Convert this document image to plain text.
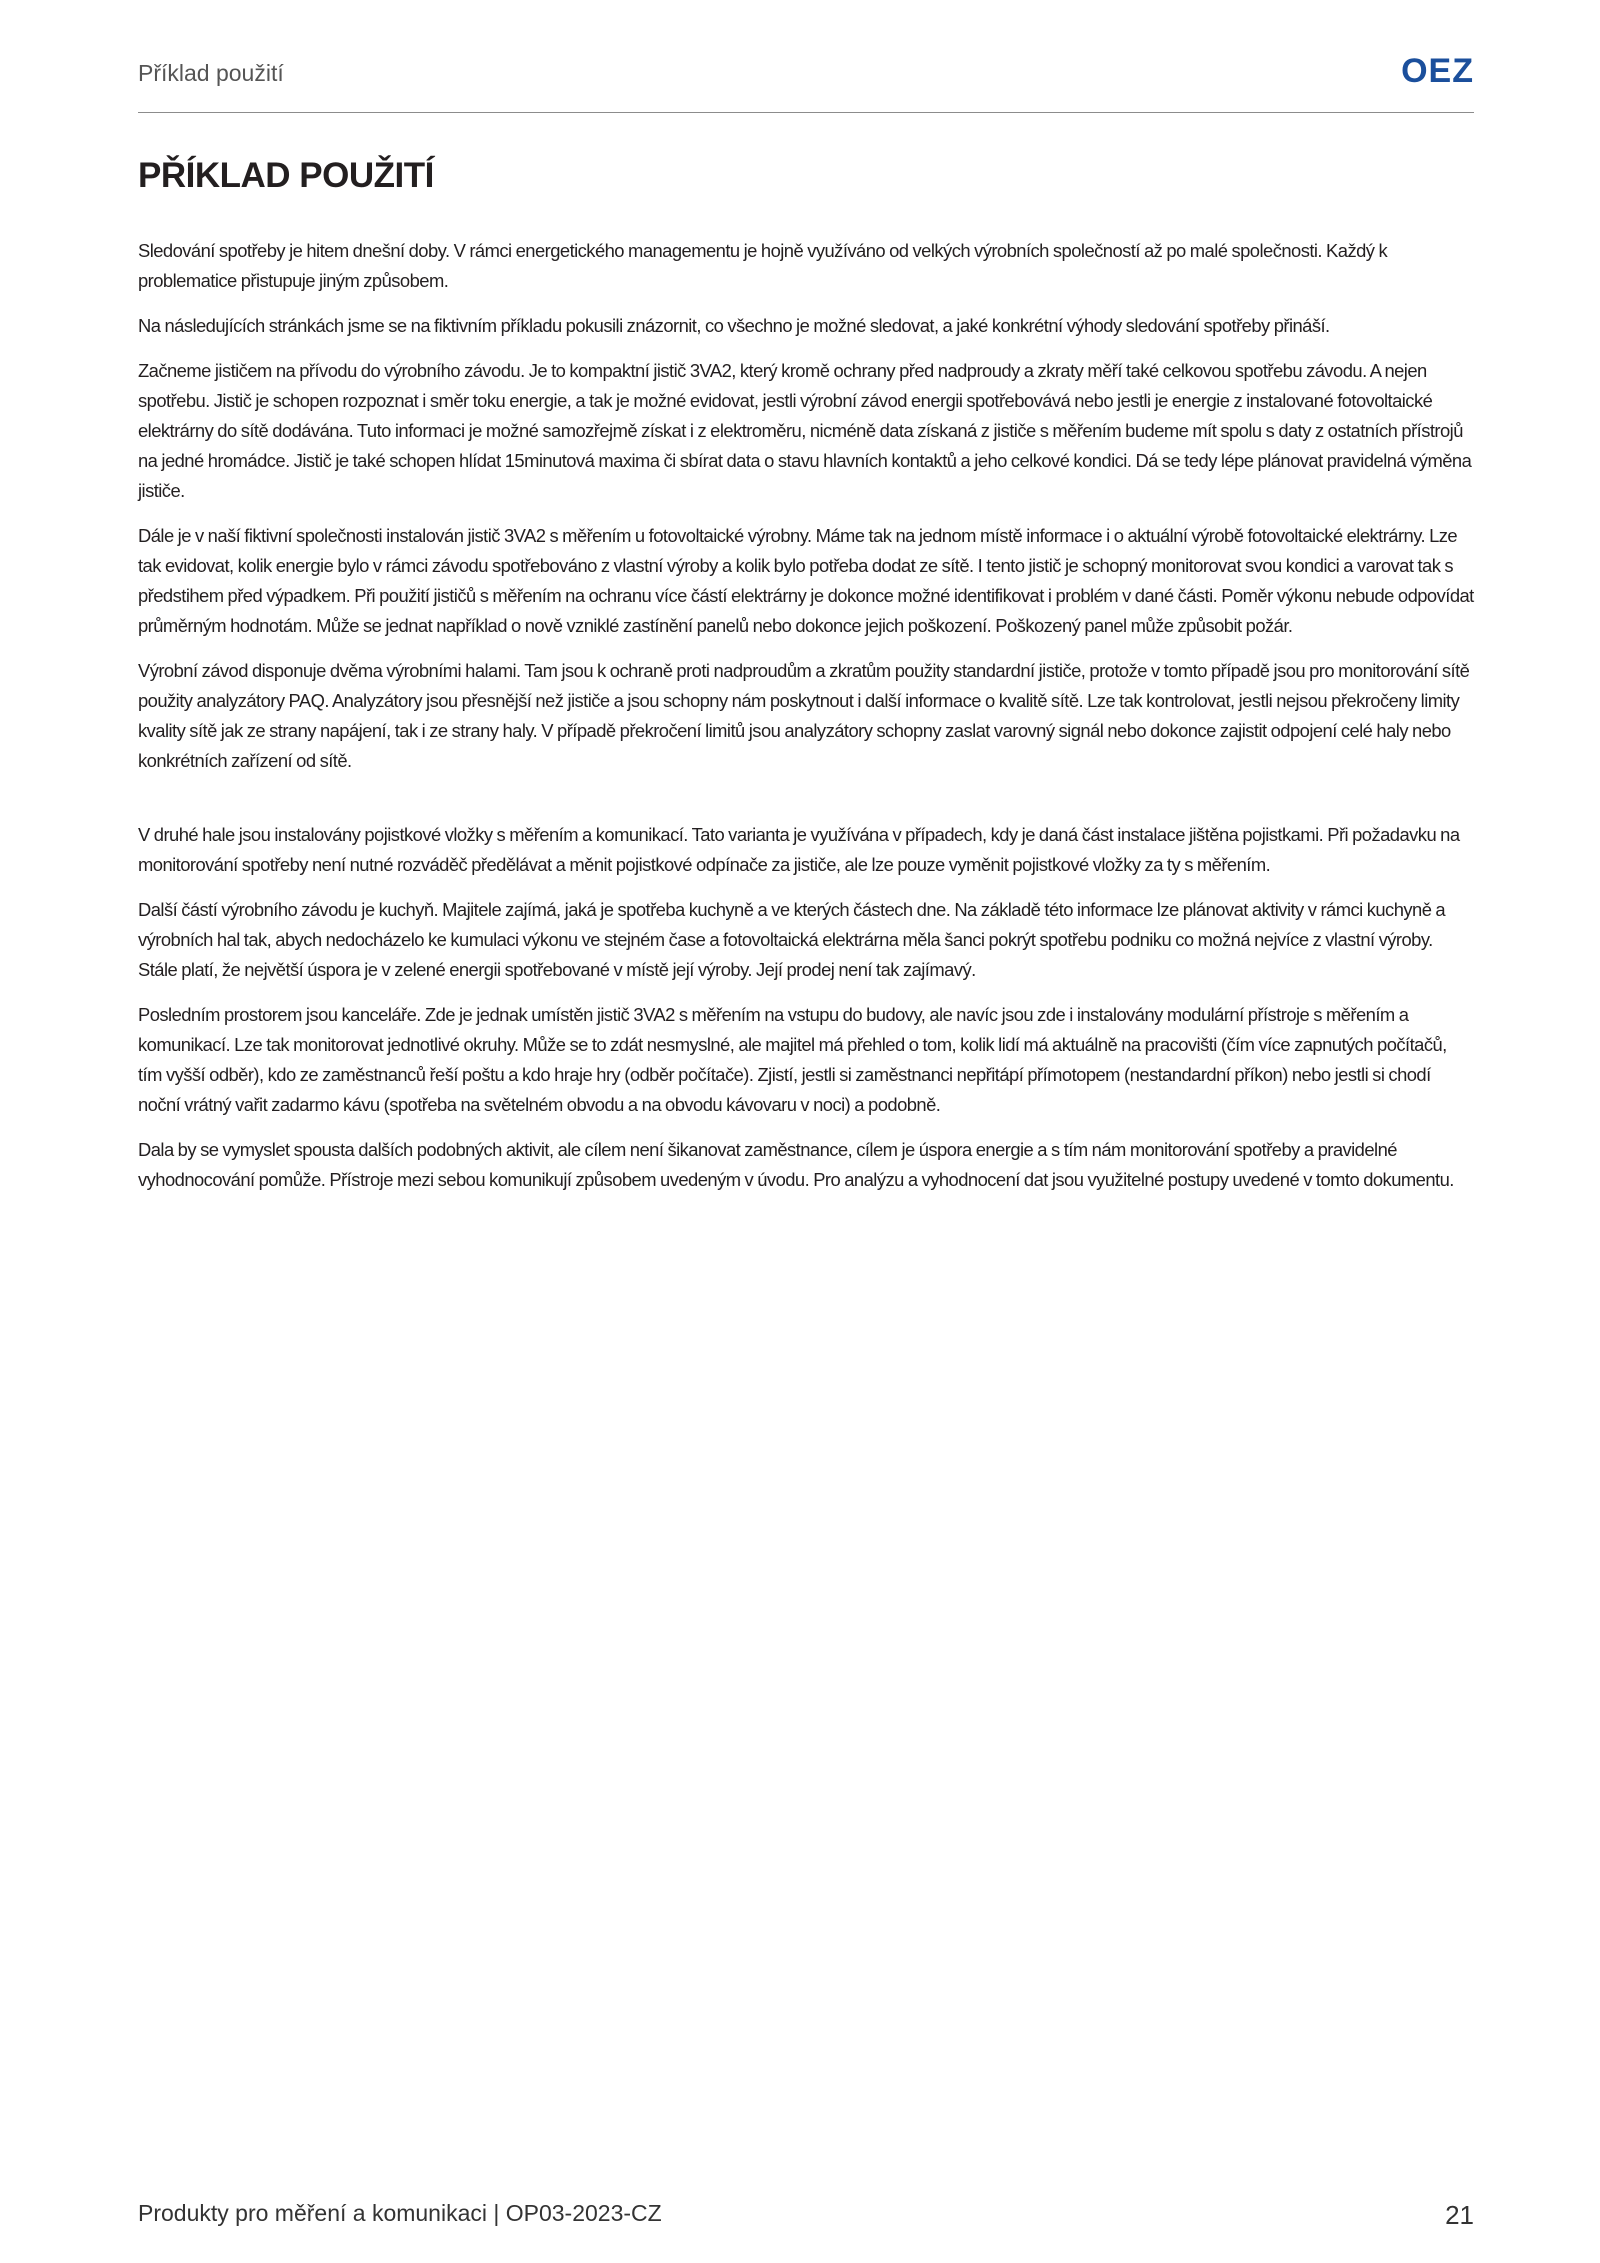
Příklad použití	OEZ
PŘÍKLAD POUŽITÍ

Sledování spotřeby je hitem dnešní doby. V rámci energetického managementu je hojně využíváno od velkých výrobních společností až po malé společnosti. Každý k problematice přistupuje jiným způsobem.

Na následujících stránkách jsme se na fiktivním příkladu pokusili znázornit, co všechno je možné sledovat, a jaké konkrétní výhody sledování spotřeby přináší.

Začneme jističem na přívodu do výrobního závodu. Je to kompaktní jistič 3VA2, který kromě ochrany před nadproudy a zkraty měří také celkovou spotřebu závodu. A nejen spotřebu. Jistič je schopen rozpoznat i směr toku energie, a tak je možné evidovat, jestli výrobní závod energii spotřebovává nebo jestli je energie z instalované fotovoltaické elektrárny do sítě dodávána. Tuto informaci je možné samozřejmě získat i z elektroměru, nicméně data získaná z jističe s měřením budeme mít spolu s daty z ostatních přístrojů na jedné hromádce. Jistič je také schopen hlídat 15minutová maxima či sbírat data o stavu hlavních kontaktů a jeho celkové kondici. Dá se tedy lépe plánovat pravidelná výměna jističe.

Dále je v naší fiktivní společnosti instalován jistič 3VA2 s měřením u fotovoltaické výrobny. Máme tak na jednom místě informace i o aktuální výrobě fotovoltaické elektrárny. Lze tak evidovat, kolik energie bylo v rámci závodu spotřebováno z vlastní výroby a kolik bylo potřeba dodat ze sítě. I tento jistič je schopný monitorovat svou kondici a varovat tak s předstihem před výpadkem. Při použití jističů s měřením na ochranu více částí elektrárny je dokonce možné identifikovat i problém v dané části. Poměr výkonu nebude odpovídat průměrným hodnotám. Může se jednat například o nově vzniklé zastínění panelů nebo dokonce jejich poškození. Poškozený panel může způsobit požár.

Výrobní závod disponuje dvěma výrobními halami. Tam jsou k ochraně proti nadproudům a zkratům použity standardní jističe, protože v tomto případě jsou pro monitorování sítě použity analyzátory PAQ. Analyzátory jsou přesnější než jističe a jsou schopny nám poskytnout i další informace o kvalitě sítě. Lze tak kontrolovat, jestli nejsou překročeny limity kvality sítě jak ze strany napájení, tak i ze strany haly. V případě překročení limitů jsou analyzátory schopny zaslat varovný signál nebo dokonce zajistit odpojení celé haly nebo konkrétních zařízení od sítě.

V druhé hale jsou instalovány pojistkové vložky s měřením a komunikací. Tato varianta je využívána v případech, kdy je daná část instalace jištěna pojistkami. Při požadavku na monitorování spotřeby není nutné rozváděč předělávat a měnit pojistkové odpínače za jističe, ale lze pouze vyměnit pojistkové vložky za ty s měřením.

Další částí výrobního závodu je kuchyň. Majitele zajímá, jaká je spotřeba kuchyně a ve kterých částech dne. Na základě této informace lze plánovat aktivity v rámci kuchyně a výrobních hal tak, abych nedocházelo ke kumulaci výkonu ve stejném čase a fotovoltaická elektrárna měla šanci pokrýt spotřebu podniku co možná nejvíce z vlastní výroby. Stále platí, že největší úspora je v zelené energii spotřebované v místě její výroby. Její prodej není tak zajímavý.

Posledním prostorem jsou kanceláře. Zde je jednak umístěn jistič 3VA2 s měřením na vstupu do budovy, ale navíc jsou zde i instalovány modulární přístroje s měřením a komunikací. Lze tak monitorovat jednotlivé okruhy. Může se to zdát nesmyslné, ale majitel má přehled o tom, kolik lidí má aktuálně na pracovišti (čím více zapnutých počítačů, tím vyšší odběr), kdo ze zaměstnanců řeší poštu a kdo hraje hry (odběr počítače). Zjistí, jestli si zaměstnanci nepřitápí přímotopem (nestandardní příkon) nebo jestli si chodí noční vrátný vařit zadarmo kávu (spotřeba na světelném obvodu a na obvodu kávovaru v noci) a podobně.

Dala by se vymyslet spousta dalších podobných aktivit, ale cílem není šikanovat zaměstnance, cílem je úspora energie a s tím nám monitorování spotřeby a pravidelné vyhodnocování pomůže. Přístroje mezi sebou komunikují způsobem uvedeným v úvodu. Pro analýzu a vyhodnocení dat jsou využitelné postupy uvedené v tomto dokumentu.

Produkty pro měření a komunikaci | OP03-2023-CZ	21
